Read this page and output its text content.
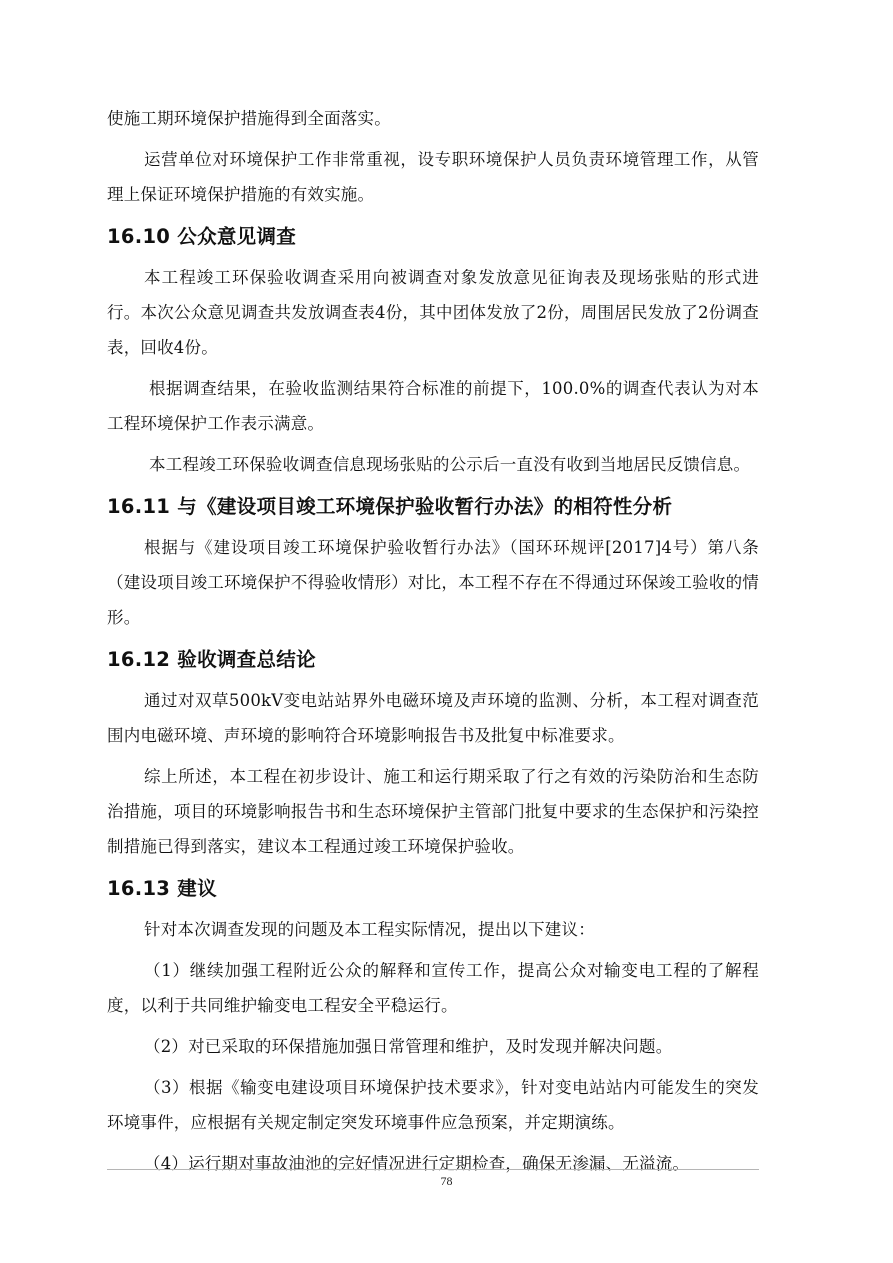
使施工期环境保护措施得到全面落实。

运营单位对环境保护工作非常重视，设专职环境保护人员负责环境管理工作，从管理上保证环境保护措施的有效实施。

16.10 公众意见调查

本工程竣工环保验收调查采用向被调查对象发放意见征询表及现场张贴的形式进行。本次公众意见调查共发放调查表4份，其中团体发放了2份，周围居民发放了2份调查表，回收4份。

根据调查结果，在验收监测结果符合标准的前提下，100.0%的调查代表认为对本工程环境保护工作表示满意。

本工程竣工环保验收调查信息现场张贴的公示后一直没有收到当地居民反馈信息。

16.11 与《建设项目竣工环境保护验收暂行办法》的相符性分析

根据与《建设项目竣工环境保护验收暂行办法》（国环环规评[2017]4号）第八条（建设项目竣工环境保护不得验收情形）对比，本工程不存在不得通过环保竣工验收的情形。

16.12 验收调查总结论

通过对双草500kV变电站站界外电磁环境及声环境的监测、分析，本工程对调查范围内电磁环境、声环境的影响符合环境影响报告书及批复中标准要求。

综上所述，本工程在初步设计、施工和运行期采取了行之有效的污染防治和生态防治措施，项目的环境影响报告书和生态环境保护主管部门批复中要求的生态保护和污染控制措施已得到落实，建议本工程通过竣工环境保护验收。

16.13 建议

针对本次调查发现的问题及本工程实际情况，提出以下建议：

（1）继续加强工程附近公众的解释和宣传工作，提高公众对输变电工程的了解程度，以利于共同维护输变电工程安全平稳运行。

（2）对已采取的环保措施加强日常管理和维护，及时发现并解决问题。

（3）根据《输变电建设项目环境保护技术要求》，针对变电站站内可能发生的突发环境事件，应根据有关规定制定突发环境事件应急预案，并定期演练。

（4）运行期对事故油池的完好情况进行定期检查，确保无渗漏、无溢流。

78
